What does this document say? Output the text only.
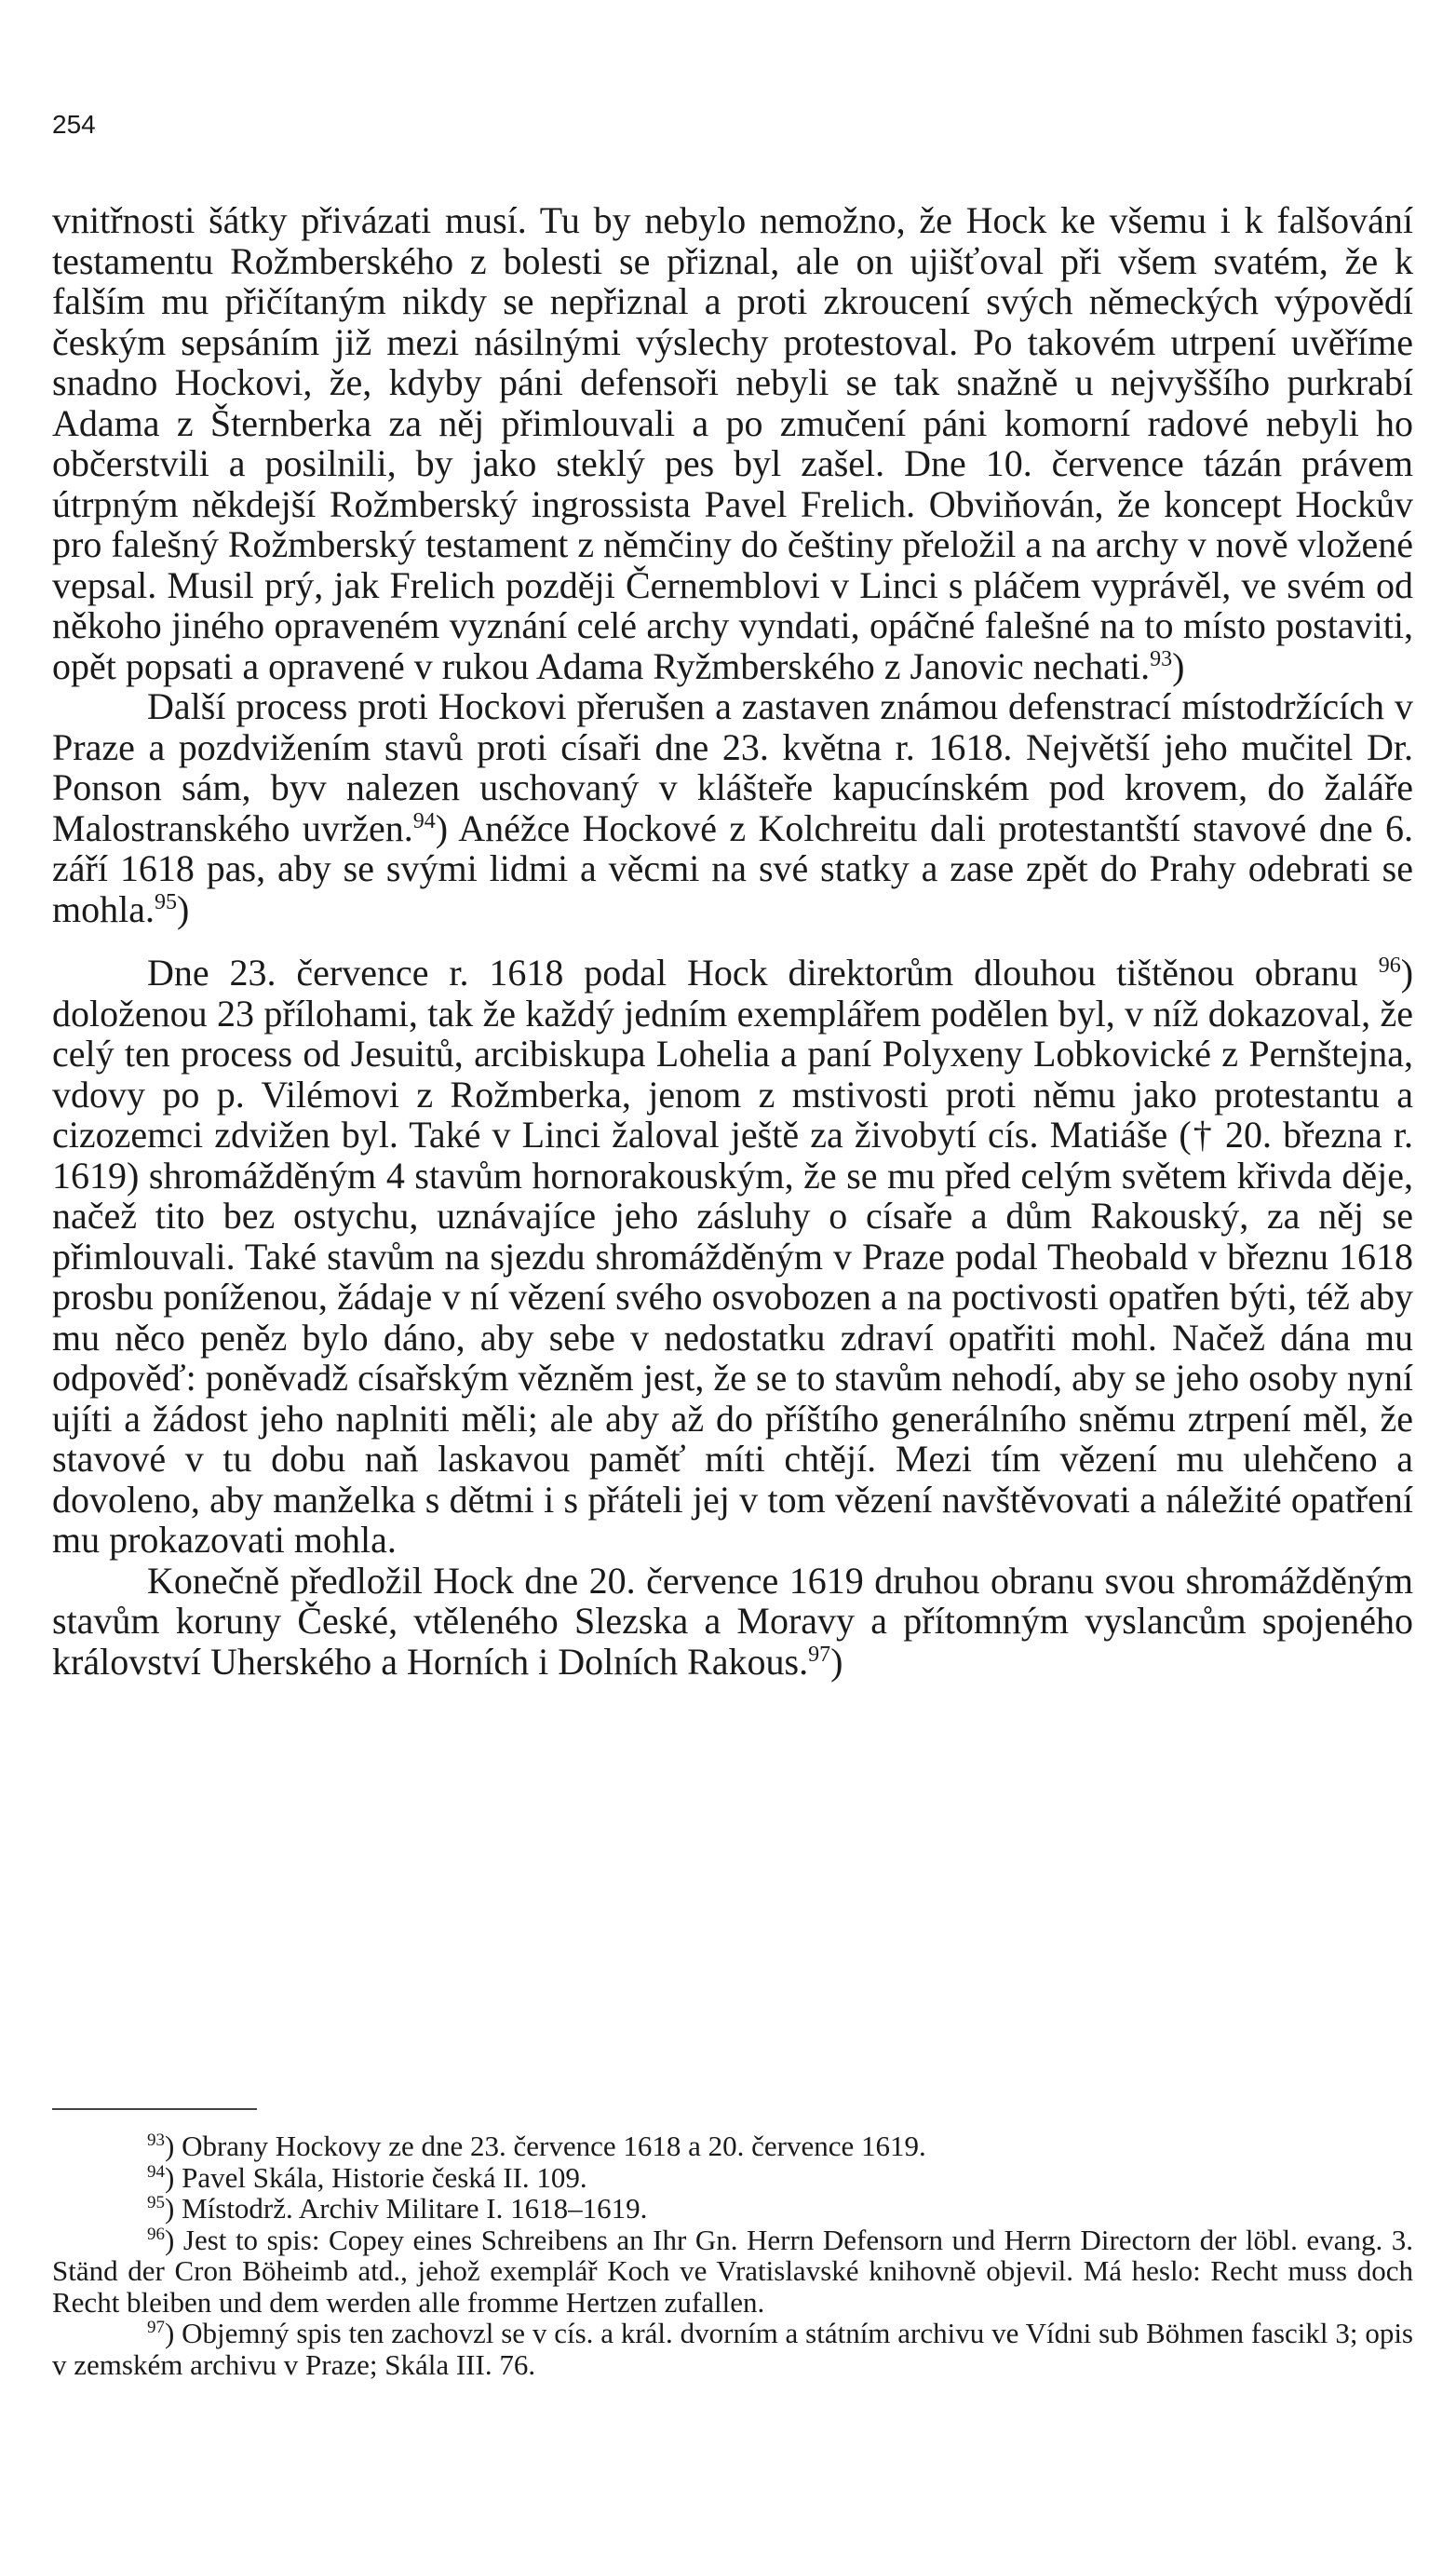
254

vnitřnosti šátky přivázati musí. Tu by nebylo nemožno, že Hock ke všemu i k falšování testamentu Rožmberského z bolesti se přiznal, ale on ujišťoval při všem svatém, že k falším mu přičítaným nikdy se nepřiznal a proti zkroucení svých německých výpovědí českým sepsáním již mezi násilnými výslechy protestoval. Po takovém utrpení uvěříme snadno Hockovi, že, kdyby páni defensoři nebyli se tak snažně u nejvyššího purkrabí Adama z Šternberka za něj přimlouvali a po zmučení páni komorní radové nebyli ho občerstvili a posilnili, by jako steklý pes byl zašel. Dne 10. července tázán právem útrpným někdejší Rožmberský ingrossista Pavel Frelich. Obviňován, že koncept Hockův pro falešný Rožmberský testament z němčiny do češtiny přeložil a na archy v nově vložené vepsal. Musil prý, jak Frelich později Černemblovi v Linci s pláčem vyprávěl, ve svém od někoho jiného opraveném vyznání celé archy vyndati, opáčné falešné na to místo postaviti, opět popsati a opravené v rukou Adama Ryžmberského z Janovic nechati.$^{93}$)

Další process proti Hockovi přerušen a zastaven známou defenstrací místodržících v Praze a pozdvižením stavů proti císaři dne 23. května r. 1618. Největší jeho mučitel Dr. Ponson sám, byv nalezen uschovaný v klášteře kapucínském pod krovem, do žaláře Malostranského uvržen.$^{94}$) Anéžce Hockové z Kolchreitu dali protestantští stavové dne 6. září 1618 pas, aby se svými lidmi a věcmi na své statky a zase zpět do Prahy odebrati se mohla.$^{95}$)

Dne 23. července r. 1618 podal Hock direktorům dlouhou tištěnou obranu $^{96}$) doloženou 23 přílohami, tak že každý jedním exemplářem podělen byl, v níž dokazoval, že celý ten process od Jesuitů, arcibiskupa Lohelia a paní Polyxeny Lobkovické z Pernštejna, vdovy po p. Vilémovi z Rožmberka, jenom z mstivosti proti němu jako protestantu a cizozemci zdvižen byl. Také v Linci žaloval ještě za živobytí cís. Matiáše († 20. března r. 1619) shromážděným 4 stavům hornorakouským, že se mu před celým světem křivda děje, načež tito bez ostychu, uznávajíce jeho zásluhy o císaře a dům Rakouský, za něj se přimlouvali. Také stavům na sjezdu shromážděným v Praze podal Theobald v březnu 1618 prosbu poníženou, žádaje v ní vězení svého osvobozen a na poctivosti opatřen býti, též aby mu něco peněz bylo dáno, aby sebe v nedostatku zdraví opatřiti mohl. Načež dána mu odpověď: poněvadž císařským vězněm jest, že se to stavům nehodí, aby se jeho osoby nyní ujíti a žádost jeho naplniti měli; ale aby až do příštího generálního sněmu ztrpení měl, že stavové v tu dobu naň laskavou paměť míti chtějí. Mezi tím vězení mu ulehčeno a dovoleno, aby manželka s dětmi i s přáteli jej v tom vězení navštěvovati a náležité opatření mu prokazovati mohla.

Konečně předložil Hock dne 20. července 1619 druhou obranu svou shromážděným stavům koruny České, vtěleného Slezska a Moravy a přítomným vyslancům spojeného království Uherského a Horních i Dolních Rakous.$^{97}$)

$^{93}$) Obrany Hockovy ze dne 23. července 1618 a 20. července 1619.

$^{94}$) Pavel Skála, Historie česká II. 109.

$^{95}$) Místodrž. Archiv Militare I. 1618–1619.

$^{96}$) Jest to spis: Copey eines Schreibens an Ihr Gn. Herrn Defensorn und Herrn Directorn der löbl. evang. 3. Ständ der Cron Böheimb atd., jehož exemplář Koch ve Vratislavské knihovně objevil. Má heslo: Recht muss doch Recht bleiben und dem werden alle fromme Hertzen zufallen.

$^{97}$) Objemný spis ten zachovzl se v cís. a král. dvorním a státním archivu ve Vídni sub Böhmen fascikl 3; opis v zemském archivu v Praze; Skála III. 76.
